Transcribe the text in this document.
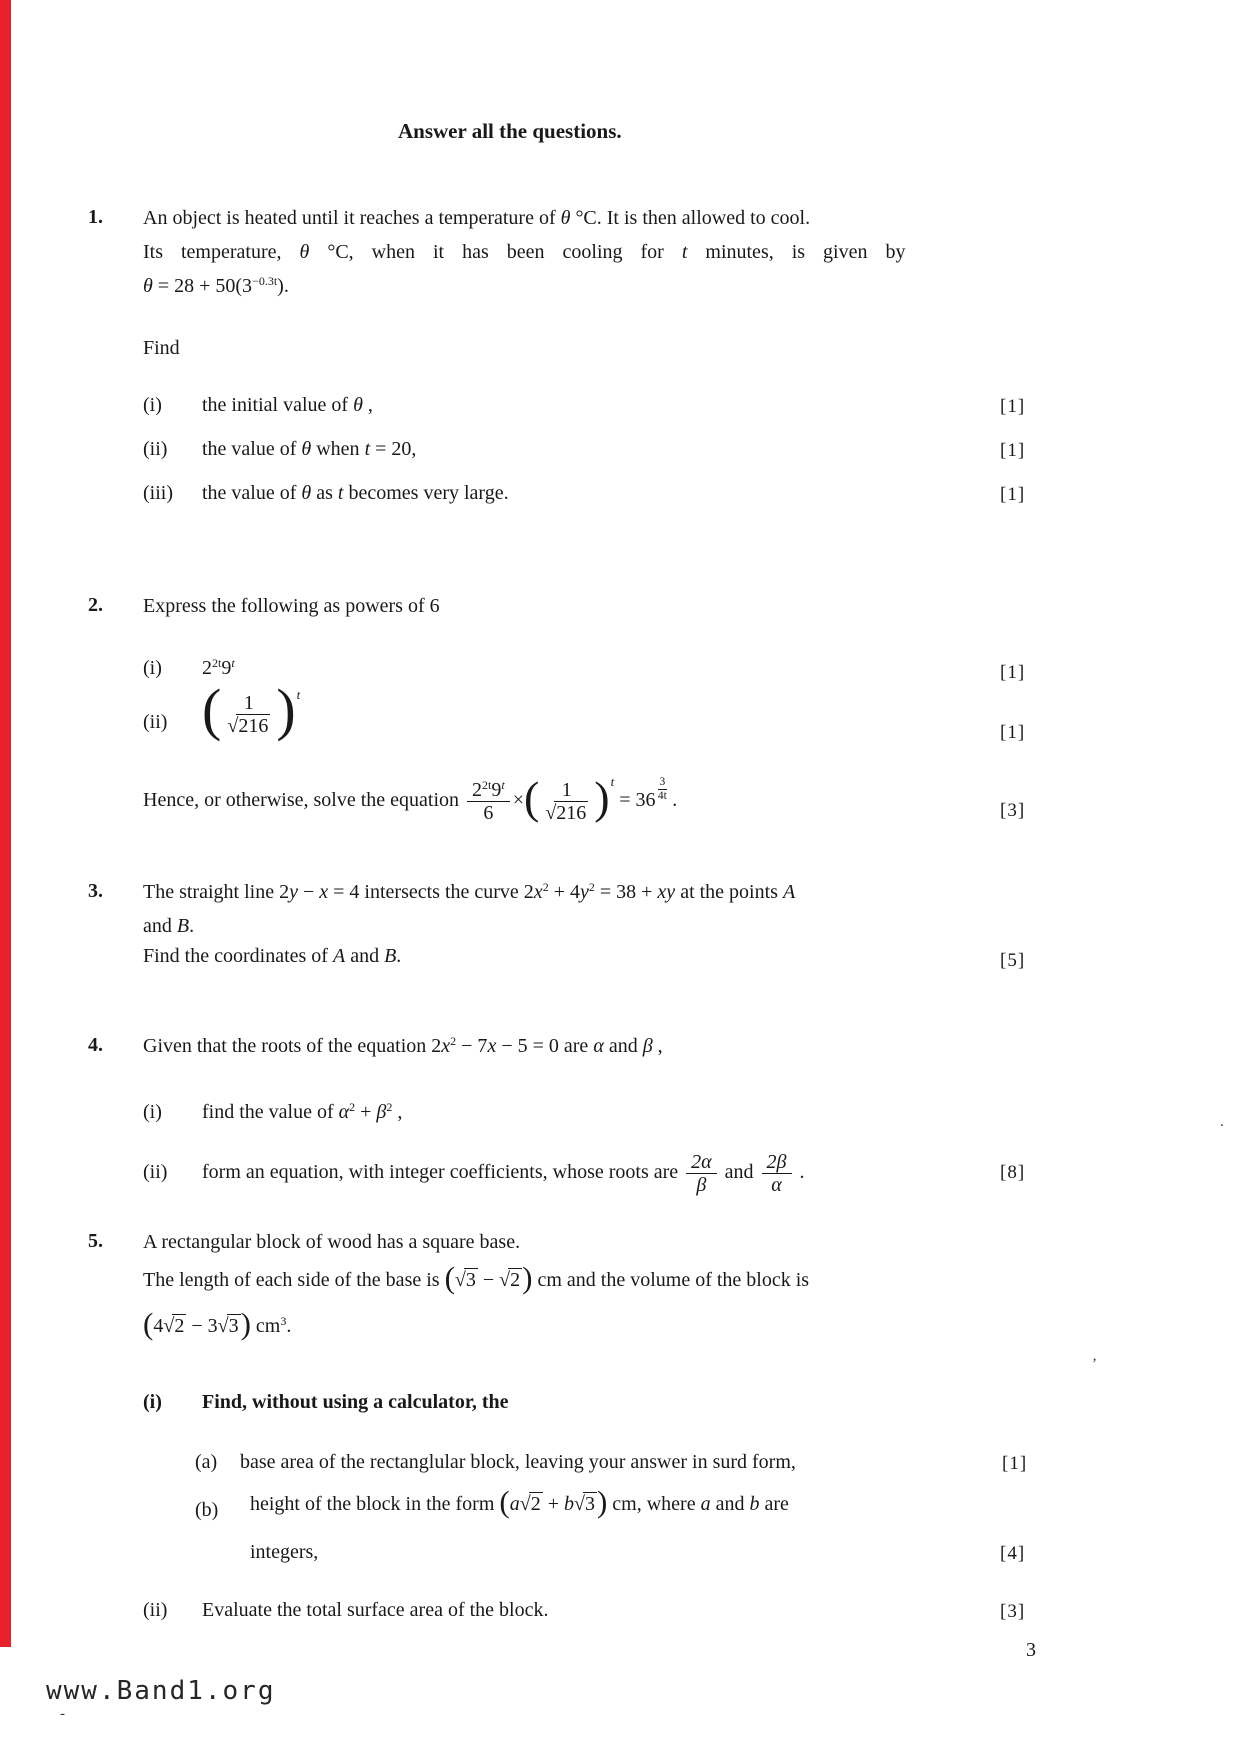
Answer all the questions.
1. An object is heated until it reaches a temperature of θ °C. It is then allowed to cool.
Its temperature, θ °C, when it has been cooling for t minutes, is given by
$\theta = 28 + 50(3^{-0.3t})$.
Find
(i) the initial value of θ ,	[1]
(ii) the value of θ when t = 20,	[1]
(iii) the value of θ as t becomes very large.	[1]
2. Express the following as powers of 6
(i) $2^{2t}9^t$	[1]
(ii) ( $\frac{1}{√216} )^t$
[1]
Hence, or otherwise, solve the equation $\frac{2^{2t}9^t}{6}$ ×( $\frac{1}{√216} )^t = 36 \frac{3}{4t}$ .	[3]
3. The straight line 2y − x = 4 intersects the curve $2x^2 + 4y^2 = 38$ + xy at the points A
and B.
Find the coordinates of A and B.	[5]
4. Given that the roots of the equation $2x^2 - 7x - 5 = 0$ are α and β ,
(i) find the value of $\alpha^2 + \beta^2$ ,
(ii) form an equation, with integer coefficients, whose roots are $\frac{2\alpha}{\beta}$ and $\frac{2\beta}{\alpha}$ .	[8]
5. A rectangular block of wood has a square base.
The length of each side of the base is (√3 − √2) cm and the volume of the block is
(4√2 − 3√3) $cm^3$.
(i) Find, without using a calculator, the
(a) base area of the rectanglular block, leaving your answer in surd form,	[1]
(b) height of the block in the form (a√2 + b√3) cm, where a and b are
integers,	[4]
(ii) Evaluate the total surface area of the block.	[3]
3
www.Band1.org
.
’
-
